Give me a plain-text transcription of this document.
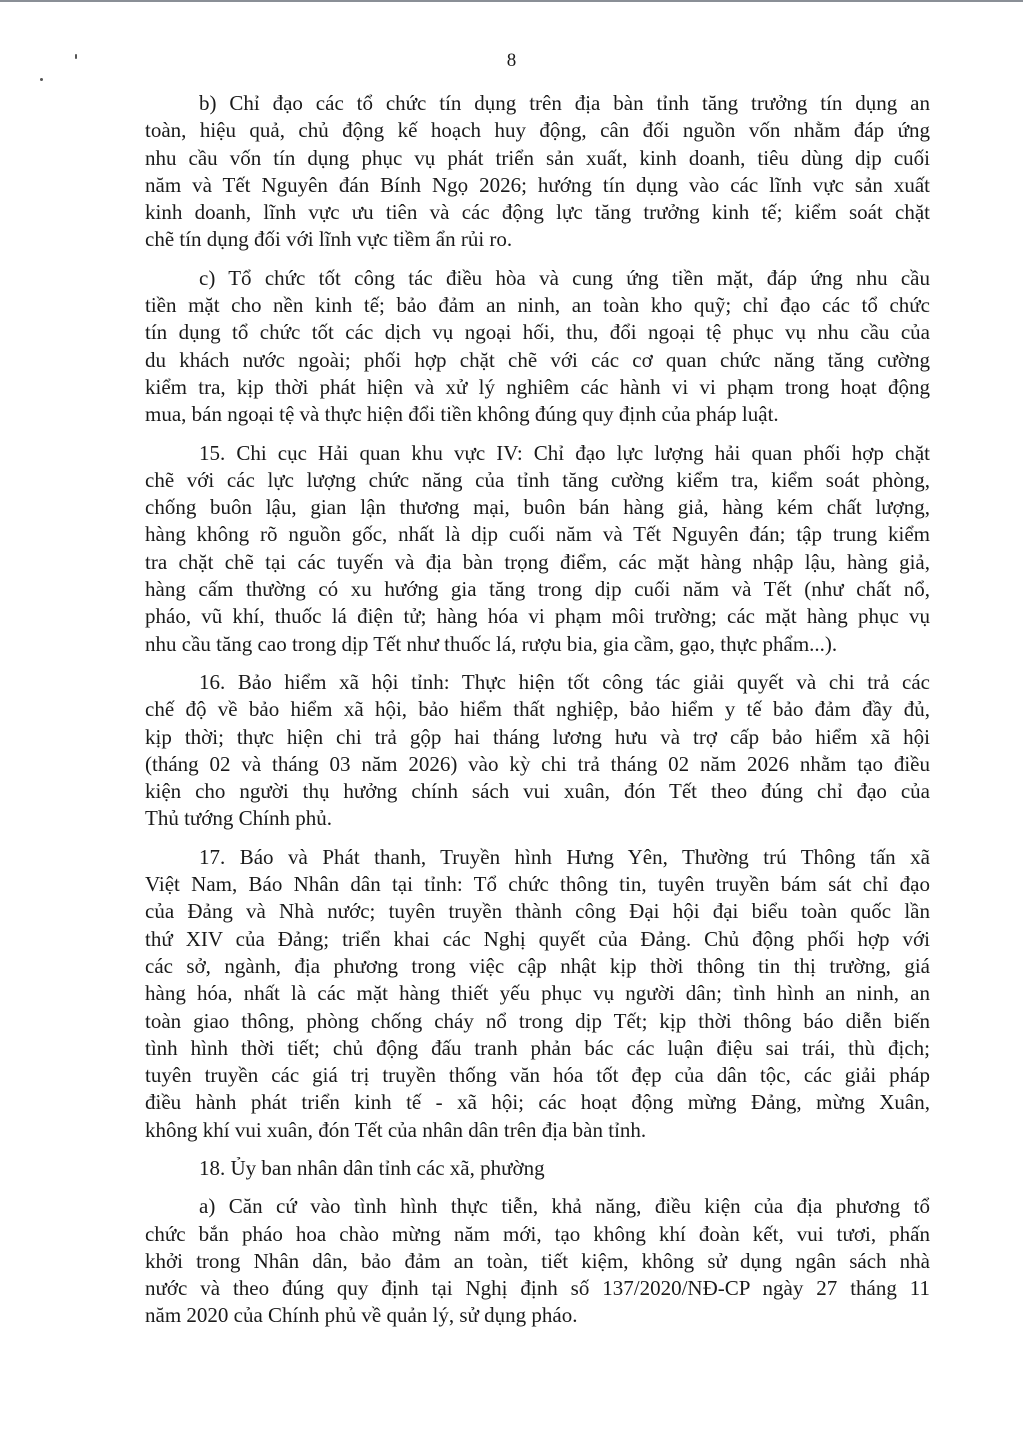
8
b) Chỉ đạo các tổ chức tín dụng trên địa bàn tỉnh tăng trưởng tín dụng an
toàn, hiệu quả, chủ động kế hoạch huy động, cân đối nguồn vốn nhằm đáp ứng
nhu cầu vốn tín dụng phục vụ phát triển sản xuất, kinh doanh, tiêu dùng dịp cuối
năm và Tết Nguyên đán Bính Ngọ 2026; hướng tín dụng vào các lĩnh vực sản xuất
kinh doanh, lĩnh vực ưu tiên và các động lực tăng trưởng kinh tế; kiểm soát chặt
chẽ tín dụng đối với lĩnh vực tiềm ẩn rủi ro.
c) Tổ chức tốt công tác điều hòa và cung ứng tiền mặt, đáp ứng nhu cầu
tiền mặt cho nền kinh tế; bảo đảm an ninh, an toàn kho quỹ; chỉ đạo các tổ chức
tín dụng tổ chức tốt các dịch vụ ngoại hối, thu, đổi ngoại tệ phục vụ nhu cầu của
du khách nước ngoài; phối hợp chặt chẽ với các cơ quan chức năng tăng cường
kiểm tra, kịp thời phát hiện và xử lý nghiêm các hành vi vi phạm trong hoạt động
mua, bán ngoại tệ và thực hiện đổi tiền không đúng quy định của pháp luật.
15. Chi cục Hải quan khu vực IV: Chỉ đạo lực lượng hải quan phối hợp chặt
chẽ với các lực lượng chức năng của tỉnh tăng cường kiểm tra, kiểm soát phòng,
chống buôn lậu, gian lận thương mại, buôn bán hàng giả, hàng kém chất lượng,
hàng không rõ nguồn gốc, nhất là dịp cuối năm và Tết Nguyên đán; tập trung kiểm
tra chặt chẽ tại các tuyến và địa bàn trọng điểm, các mặt hàng nhập lậu, hàng giả,
hàng cấm thường có xu hướng gia tăng trong dịp cuối năm và Tết (như chất nổ,
pháo, vũ khí, thuốc lá điện tử; hàng hóa vi phạm môi trường; các mặt hàng phục vụ
nhu cầu tăng cao trong dịp Tết như thuốc lá, rượu bia, gia cầm, gạo, thực phẩm...).
16. Bảo hiểm xã hội tỉnh: Thực hiện tốt công tác giải quyết và chi trả các
chế độ về bảo hiểm xã hội, bảo hiểm thất nghiệp, bảo hiểm y tế bảo đảm đầy đủ,
kịp thời; thực hiện chi trả gộp hai tháng lương hưu và trợ cấp bảo hiểm xã hội
(tháng 02 và tháng 03 năm 2026) vào kỳ chi trả tháng 02 năm 2026 nhằm tạo điều
kiện cho người thụ hưởng chính sách vui xuân, đón Tết theo đúng chỉ đạo của
Thủ tướng Chính phủ.
17. Báo và Phát thanh, Truyền hình Hưng Yên, Thường trú Thông tấn xã
Việt Nam, Báo Nhân dân tại tỉnh: Tổ chức thông tin, tuyên truyền bám sát chỉ đạo
của Đảng và Nhà nước; tuyên truyền thành công Đại hội đại biểu toàn quốc lần
thứ XIV của Đảng; triển khai các Nghị quyết của Đảng. Chủ động phối hợp với
các sở, ngành, địa phương trong việc cập nhật kịp thời thông tin thị trường, giá
hàng hóa, nhất là các mặt hàng thiết yếu phục vụ người dân; tình hình an ninh, an
toàn giao thông, phòng chống cháy nổ trong dịp Tết; kịp thời thông báo diễn biến
tình hình thời tiết; chủ động đấu tranh phản bác các luận điệu sai trái, thù địch;
tuyên truyền các giá trị truyền thống văn hóa tốt đẹp của dân tộc, các giải pháp
điều hành phát triển kinh tế - xã hội; các hoạt động mừng Đảng, mừng Xuân,
không khí vui xuân, đón Tết của nhân dân trên địa bàn tỉnh.
18. Ủy ban nhân dân tỉnh các xã, phường
a) Căn cứ vào tình hình thực tiễn, khả năng, điều kiện của địa phương tổ
chức bắn pháo hoa chào mừng năm mới, tạo không khí đoàn kết, vui tươi, phấn
khởi trong Nhân dân, bảo đảm an toàn, tiết kiệm, không sử dụng ngân sách nhà
nước và theo đúng quy định tại Nghị định số 137/2020/NĐ-CP ngày 27 tháng 11
năm 2020 của Chính phủ về quản lý, sử dụng pháo.
